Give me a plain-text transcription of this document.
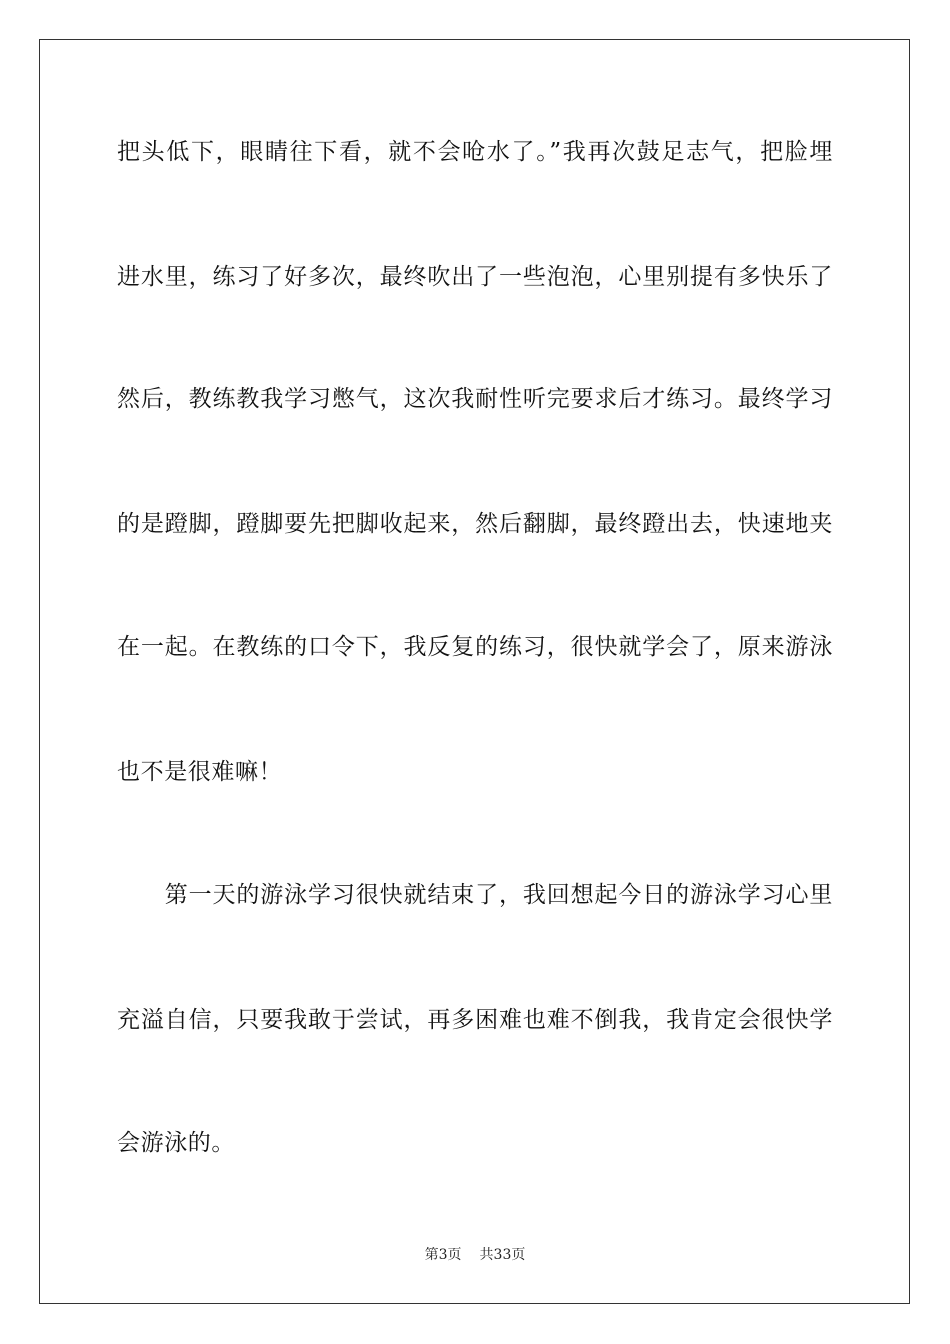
把头低下，眼睛往下看，就不会呛水了。”我再次鼓足志气，把脸埋
进水里，练习了好多次，最终吹出了一些泡泡，心里别提有多快乐了
然后，教练教我学习憋气，这次我耐性听完要求后才练习。最终学习
的是蹬脚，蹬脚要先把脚收起来，然后翻脚，最终蹬出去，快速地夹
在一起。在教练的口令下，我反复的练习，很快就学会了，原来游泳
也不是很难嘛！
　　第一天的游泳学习很快就结束了，我回想起今日的游泳学习心里
充溢自信，只要我敢于尝试，再多困难也难不倒我，我肯定会很快学
会游泳的。
第3页 共33页
